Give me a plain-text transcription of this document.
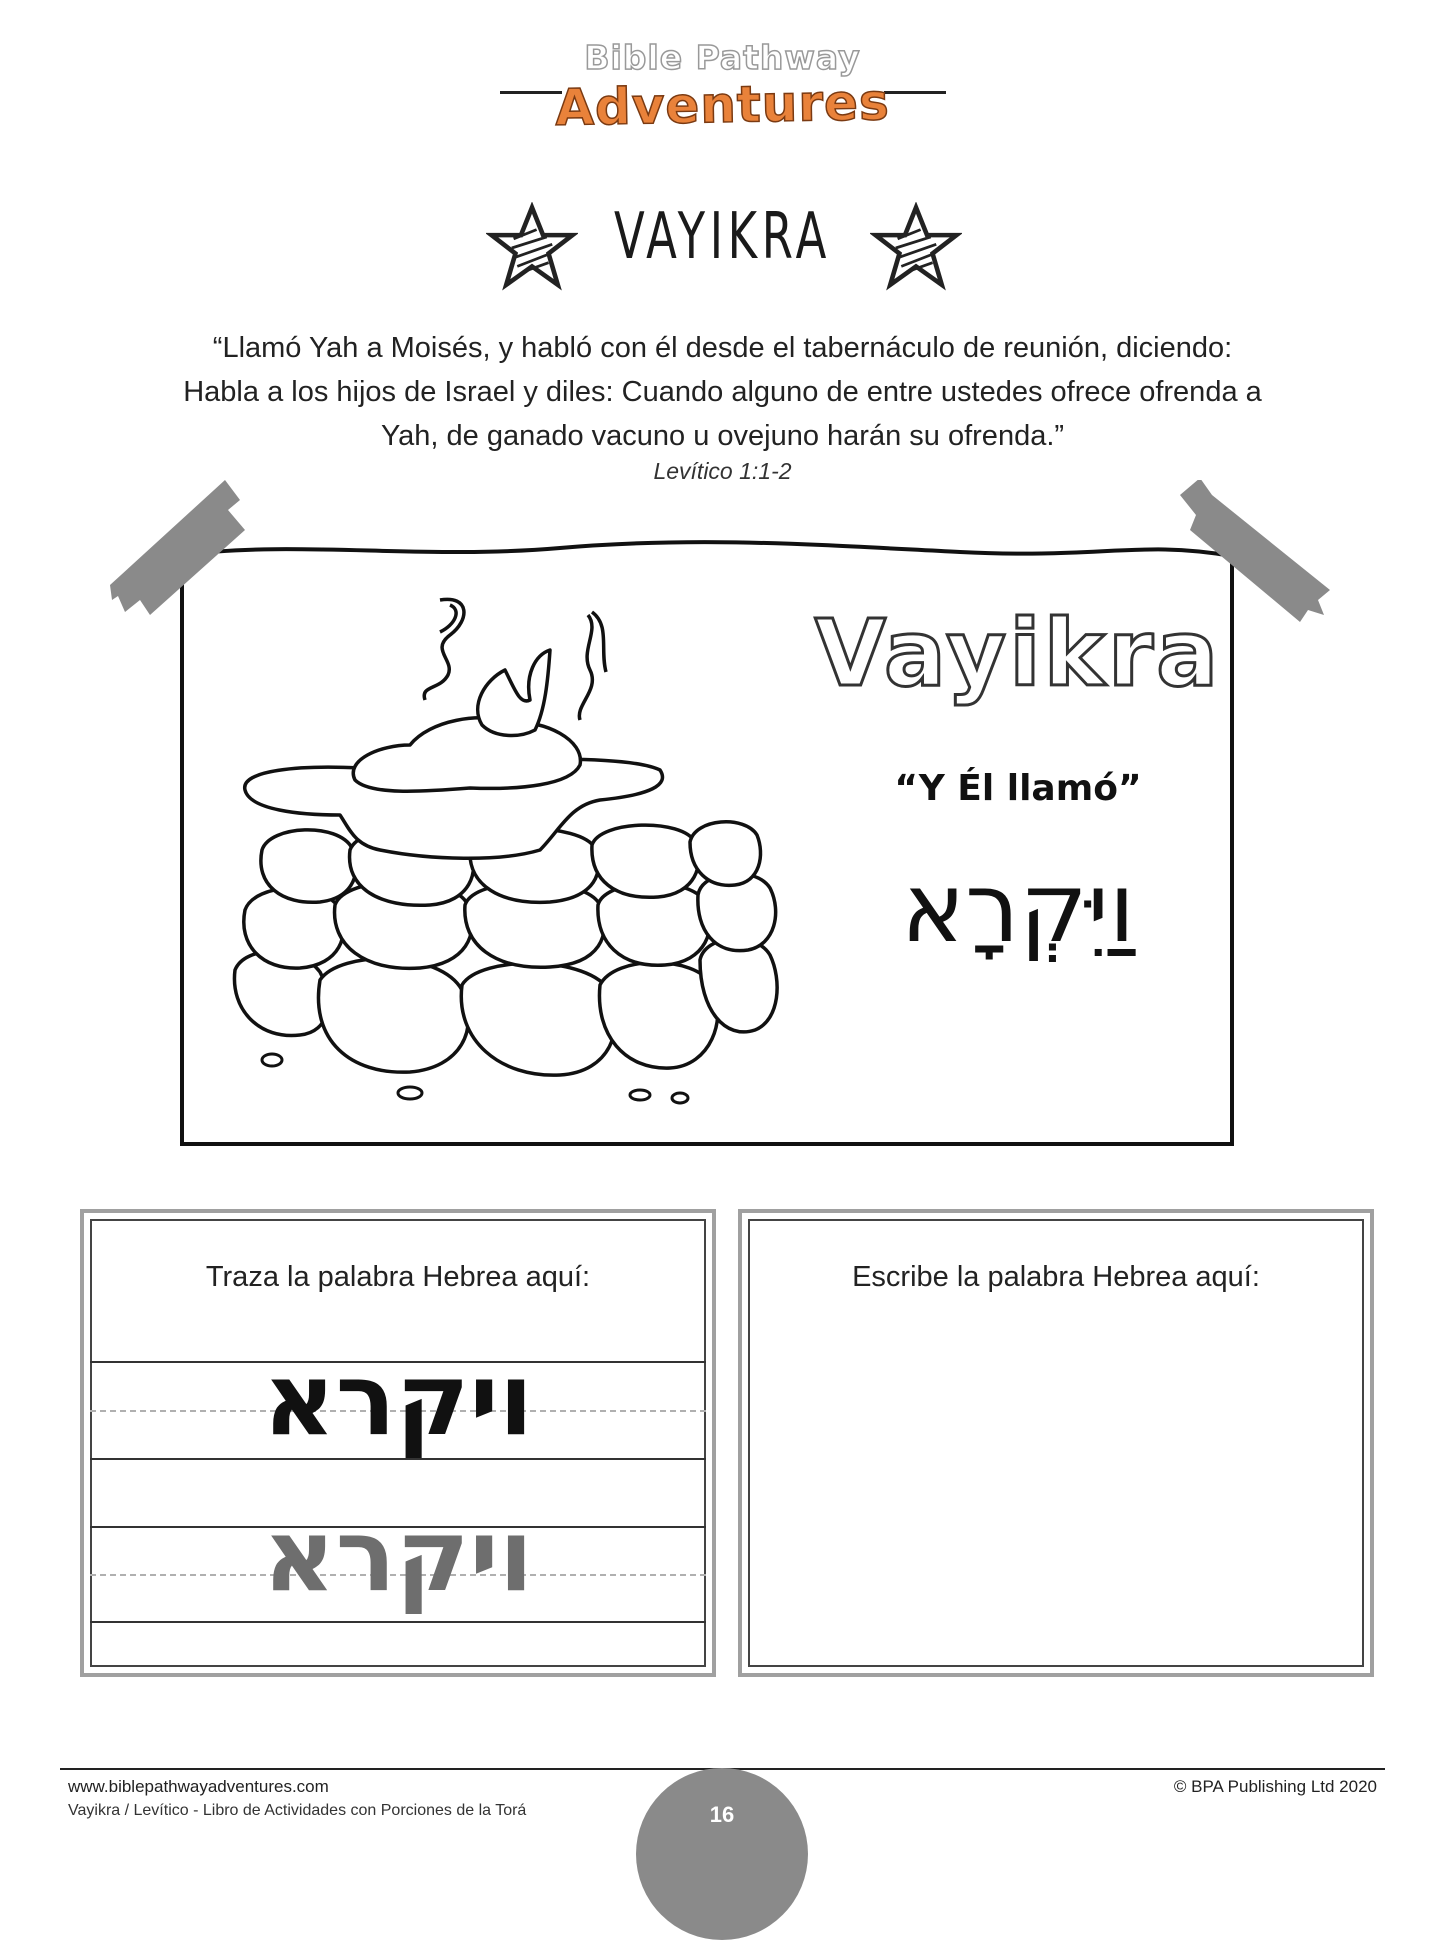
Bible Pathway
Adventures
VAYIKRA
“Llamó Yah a Moisés, y habló con él desde el tabernáculo de reunión, diciendo:
Habla a los hijos de Israel y diles: Cuando alguno de entre ustedes ofrece ofrenda a
Yah, de ganado vacuno u ovejuno harán su ofrenda.”
Levítico 1:1-2
Vayikra
“Y Él llamó”
וַיִּקְרָא
Traza la palabra Hebrea aquí:
ויקרא
ויקרא
Escribe la palabra Hebrea aquí:
16
www.biblepathwayadventures.com
Vayikra / Levítico - Libro de Actividades con Porciones de la Torá
© BPA Publishing Ltd 2020
